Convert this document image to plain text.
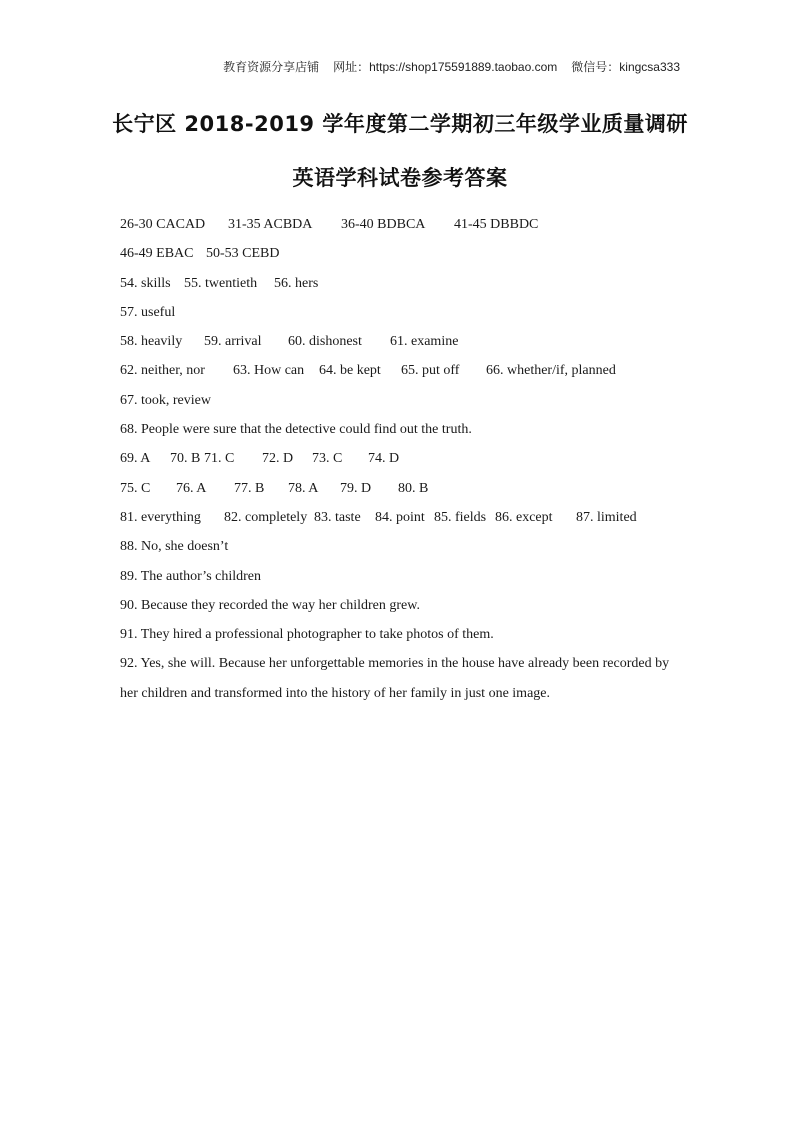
教育资源分享店铺 网址：https://shop175591889.taobao.com 微信号：kingcsa333
长宁区 2018-2019 学年度第二学期初三年级学业质量调研
英语学科试卷参考答案
26-30 CACAD 31-35 ACBDA 36-40 BDBCA 41-45 DBBDC
46-49 EBAC 50-53 CEBD
54. skills 55. twentieth 56. hers
57. useful
58. heavily 59. arrival 60. dishonest 61. examine
62. neither, nor 63. How can 64. be kept 65. put off 66. whether/if, planned
67. took, review
68. People were sure that the detective could find out the truth.
69. A 70. B 71. C 72. D 73. C 74. D
75. C 76. A 77. B 78. A 79. D 80. B
81. everything 82. completely 83. taste 84. point 85. fields 86. except 87. limited
88. No, she doesn’t
89. The author’s children
90. Because they recorded the way her children grew.
91. They hired a professional photographer to take photos of them.
92. Yes, she will. Because her unforgettable memories in the house have already been recorded by her children and transformed into the history of her family in just one image.
